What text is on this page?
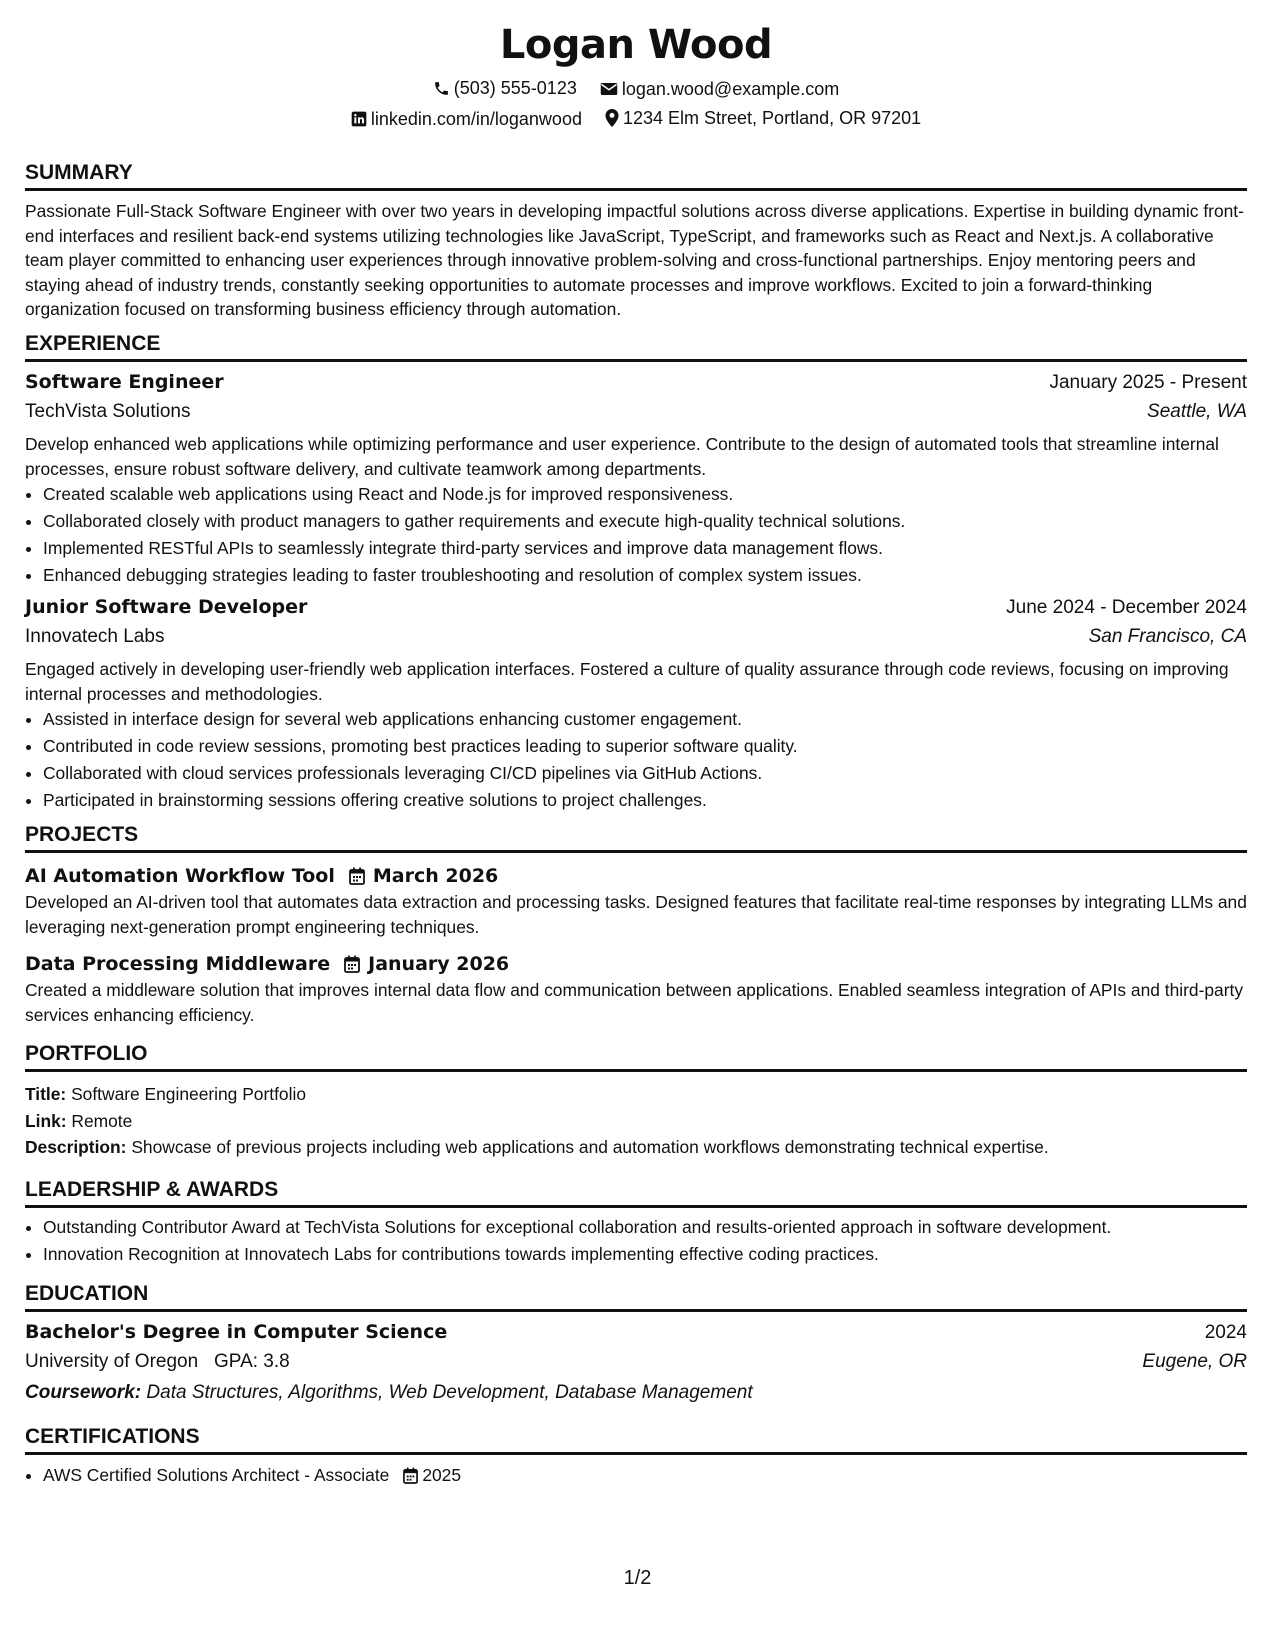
Logan Wood
(503) 555-0123
	logan.wood@example.com
linkedin.com/in/loganwood
1234 Elm Street, Portland, OR 97201
SUMMARY
Passionate Full-Stack Software Engineer with over two years in developing impactful solutions across diverse applications. Expertise in building dynamic front-end interfaces and resilient back-end systems utilizing technologies like JavaScript, TypeScript, and frameworks such as React and Next.js. A collaborative team player committed to enhancing user experiences through innovative problem-solving and cross-functional partnerships. Enjoy mentoring peers and staying ahead of industry trends, constantly seeking opportunities to automate processes and improve workflows. Excited to join a forward-thinking organization focused on transforming business efficiency through automation.
EXPERIENCE
Software Engineer	January 2025 - Present
TechVista Solutions	Seattle, WA
Develop enhanced web applications while optimizing performance and user experience. Contribute to the design of automated tools that streamline internal processes, ensure robust software delivery, and cultivate teamwork among departments.
• Created scalable web applications using React and Node.js for improved responsiveness.
• Collaborated closely with product managers to gather requirements and execute high-quality technical solutions.
• Implemented RESTful APIs to seamlessly integrate third-party services and improve data management flows.
• Enhanced debugging strategies leading to faster troubleshooting and resolution of complex system issues.
Junior Software Developer	June 2024 - December 2024
Innovatech Labs	San Francisco, CA
Engaged actively in developing user-friendly web application interfaces. Fostered a culture of quality assurance through code reviews, focusing on improving internal processes and methodologies.
• Assisted in interface design for several web applications enhancing customer engagement.
• Contributed in code review sessions, promoting best practices leading to superior software quality.
• Collaborated with cloud services professionals leveraging CI/CD pipelines via GitHub Actions.
• Participated in brainstorming sessions offering creative solutions to project challenges.
PROJECTS
AI Automation Workflow Tool March 2026
Developed an AI-driven tool that automates data extraction and processing tasks. Designed features that facilitate real-time responses by integrating LLMs and leveraging next-generation prompt engineering techniques.
Data Processing Middleware January 2026
Created a middleware solution that improves internal data flow and communication between applications. Enabled seamless integration of APIs and third-party services enhancing efficiency.
PORTFOLIO
Title: Software Engineering Portfolio
Link: Remote
Description: Showcase of previous projects including web applications and automation workflows demonstrating technical expertise.
LEADERSHIP & AWARDS
• Outstanding Contributor Award at TechVista Solutions for exceptional collaboration and results-oriented approach in software development.
• Innovation Recognition at Innovatech Labs for contributions towards implementing effective coding practices.
EDUCATION
Bachelor's Degree in Computer Science	2024
University of Oregon GPA: 3.8	Eugene, OR
Coursework: Data Structures, Algorithms, Web Development, Database Management
CERTIFICATIONS
• AWS Certified Solutions Architect - Associate 2025
1/2
